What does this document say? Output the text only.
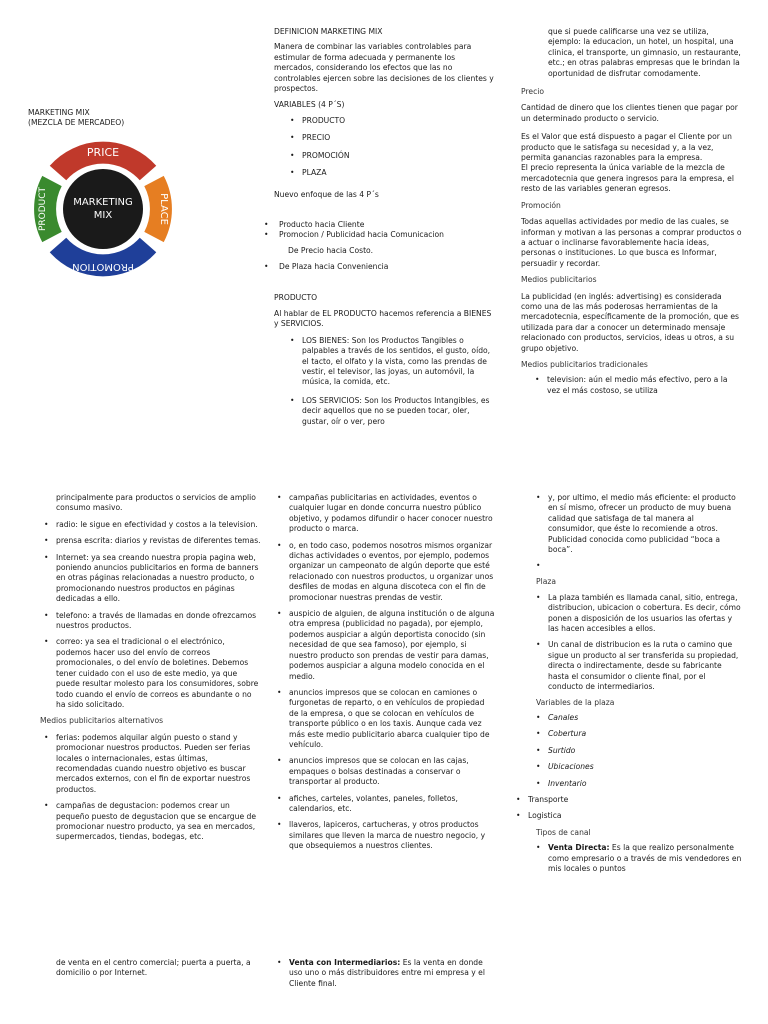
MARKETING MIX
(MEZCLA DE MERCADEO)
PRICE
PLACE
PROMOTION
PRODUCT	MARKETING
MIX
DEFINICION MARKETING MIX
Manera de combinar las variables controlables para estimular de forma adecuada y permanente los mercados, considerando los efectos que las no controlables ejercen sobre las decisiones de los clientes y prospectos.
VARIABLES (4 P´S)
• PRODUCTO
• PRECIO
• PROMOCIÓN
• PLAZA
Nuevo enfoque de las 4 P´s
• Producto hacia Cliente
• Promocion / Publicidad hacia Comunicacion
De Precio hacia Costo.
• De Plaza hacia Conveniencia
PRODUCTO
Al hablar de EL PRODUCTO hacemos referencia a BIENES y SERVICIOS.
• LOS BIENES: Son los Productos Tangibles o palpables a través de los sentidos, el gusto, oído, el tacto, el olfato y la vista, como las prendas de vestir, el televisor, las joyas, un automóvil, la música, la comida, etc.
• LOS SERVICIOS: Son los Productos Intangibles, es decir aquellos que no se pueden tocar, oler, gustar, oír o ver, pero
que si puede calificarse una vez se utiliza, ejemplo: la educacion, un hotel, un hospital, una clinica, el transporte, un gimnasio, un restaurante, etc.; en otras palabras empresas que le brindan la oportunidad de disfrutar comodamente.
Precio
Cantidad de dinero que los clientes tienen que pagar por un determinado producto o servicio.
Es el Valor que está dispuesto a pagar el Cliente por un producto que le satisfaga su necesidad y, a la vez, permita ganancias razonables para la empresa.
El precio representa la única variable de la mezcla de mercadotecnia que genera ingresos para la empresa, el resto de las variables generan egresos.
Promoción
Todas aquellas actividades por medio de las cuales, se informan y motivan a las personas a comprar productos o a actuar o inclinarse favorablemente hacia ideas, personas o instituciones. Lo que busca es Informar, persuadir y recordar.
Medios publicitarios
La publicidad (en inglés: advertising) es considerada como una de las más poderosas herramientas de la mercadotecnia, específicamente de la promoción, que es utilizada para dar a conocer un determinado mensaje relacionado con productos, servicios, ideas u otros, a su grupo objetivo.
Medios publicitarios tradicionales
• television: aún el medio más efectivo, pero a la vez el más costoso, se utiliza
principalmente para productos o servicios de amplio consumo masivo.
• radio: le sigue en efectividad y costos a la television.
• prensa escrita: diarios y revistas de diferentes temas.
• Internet: ya sea creando nuestra propia pagina web, poniendo anuncios publicitarios en forma de banners en otras páginas relacionadas a nuestro producto, o promocionando nuestros productos en páginas dedicadas a ello.
• telefono: a través de llamadas en donde ofrezcamos nuestros productos.
• correo: ya sea el tradicional o el electrónico, podemos hacer uso del envío de correos promocionales, o del envío de boletines. Debemos tener cuidado con el uso de este medio, ya que puede resultar molesto para los consumidores, sobre todo cuando el envío de correos es abundante o no ha sido solicitado.
Medios publicitarios alternativos
• ferias: podemos alquilar algún puesto o stand y promocionar nuestros productos. Pueden ser ferias locales o internacionales, estas últimas, recomendadas cuando nuestro objetivo es buscar mercados externos, con el fin de exportar nuestros productos.
• campañas de degustacion: podemos crear un pequeño puesto de degustacion que se encargue de promocionar nuestro producto, ya sea en mercados, supermercados, tiendas, bodegas, etc.
• campañas publicitarias en actividades, eventos o cualquier lugar en donde concurra nuestro público objetivo, y podamos difundir o hacer conocer nuestro producto o marca.
• o, en todo caso, podemos nosotros mismos organizar dichas actividades o eventos, por ejemplo, podemos organizar un campeonato de algún deporte que esté relacionado con nuestros productos, u organizar unos desfiles de modas en alguna discoteca con el fin de promocionar nuestras prendas de vestir.
• auspicio de alguien, de alguna institución o de alguna otra empresa (publicidad no pagada), por ejemplo, podemos auspiciar a algún deportista conocido (sin necesidad de que sea famoso), por ejemplo, si nuestro producto son prendas de vestir para damas, podemos auspiciar a alguna modelo conocida en el medio.
• anuncios impresos que se colocan en camiones o furgonetas de reparto, o en vehículos de propiedad de la empresa, o que se colocan en vehículos de transporte público o en los taxis. Aunque cada vez más este medio publicitario abarca cualquier tipo de vehículo.
• anuncios impresos que se colocan en las cajas, empaques o bolsas destinadas a conservar o transportar al producto.
• afiches, carteles, volantes, paneles, folletos, calendarios, etc.
• llaveros, lapiceros, cartucheras, y otros productos similares que lleven la marca de nuestro negocio, y que obsequiemos a nuestros clientes.
• y, por ultimo, el medio más eficiente: el producto en sí mismo, ofrecer un producto de muy buena calidad que satisfaga de tal manera al consumidor, que éste lo recomiende a otros. Publicidad conocida como publicidad “boca a boca”.
•
Plaza
• La plaza también es llamada canal, sitio, entrega, distribucion, ubicacion o cobertura. Es decir, cómo ponen a disposición de los usuarios las ofertas y las hacen accesibles a ellos.
• Un canal de distribucion es la ruta o camino que sigue un producto al ser transferida su propiedad, directa o indirectamente, desde su fabricante hasta el consumidor o cliente final, por el conducto de intermediarios.
Variables de la plaza
• Canales
• Cobertura
• Surtido
• Ubicaciones
• Inventario
• Transporte
• Logistica
Tipos de canal
• Venta Directa: Es la que realizo personalmente como empresario o a través de mis vendedores en mis locales o puntos
de venta en el centro comercial; puerta a puerta, a domicilio o por Internet.
• Venta con Intermediarios: Es la venta en donde uso uno o más distribuidores entre mi empresa y el Cliente final.
